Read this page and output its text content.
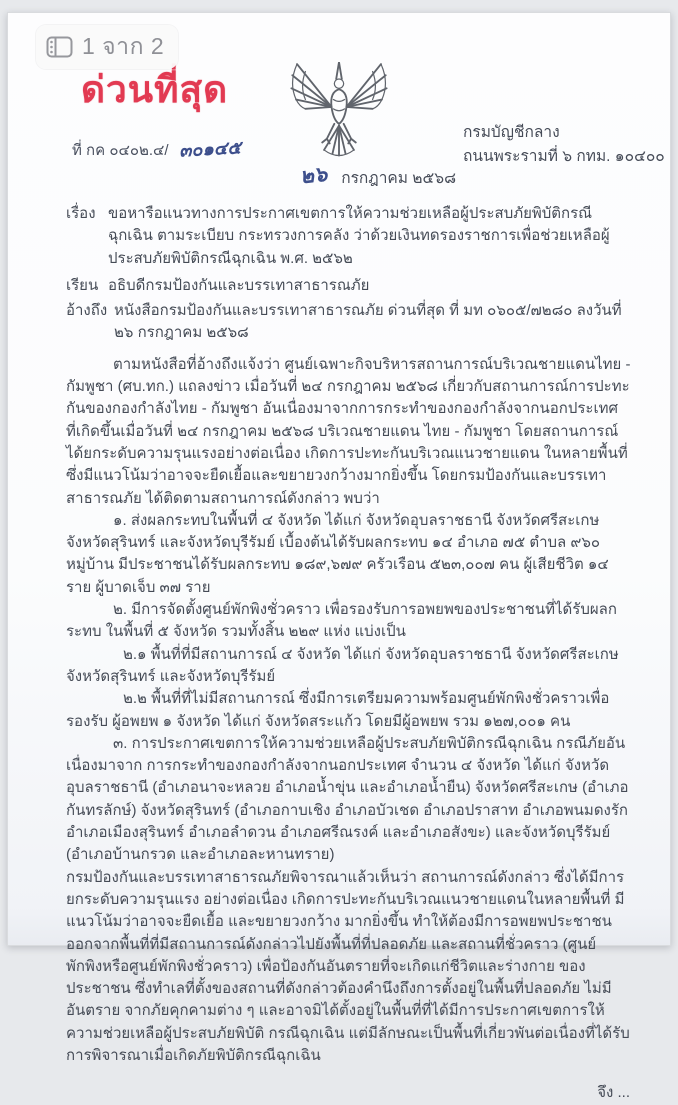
ด่วนที่สุด
ที่ กค ๐๔๐๒.๔/ ๓๐๑๔๕
กรมบัญชีกลาง
ถนนพระรามที่ ๖ กทม. ๑๐๔๐๐
๒๖ กรกฎาคม ๒๕๖๘
เรื่อง ขอหารือแนวทางการประกาศเขตการให้ความช่วยเหลือผู้ประสบภัยพิบัติกรณีฉุกเฉิน ตามระเบียบ กระทรวงการคลัง ว่าด้วยเงินทดรองราชการเพื่อช่วยเหลือผู้ประสบภัยพิบัติกรณีฉุกเฉิน พ.ศ. ๒๕๖๒
เรียน อธิบดีกรมป้องกันและบรรเทาสาธารณภัย
อ้างถึง หนังสือกรมป้องกันและบรรเทาสาธารณภัย ด่วนที่สุด ที่ มท ๐๖๐๕/๗๒๘๐ ลงวันที่ ๒๖ กรกฎาคม ๒๕๖๘

ตามหนังสือที่อ้างถึงแจ้งว่า ศูนย์เฉพาะกิจบริหารสถานการณ์บริเวณชายแดนไทย - กัมพูชา (ศบ.ทก.) แถลงข่าว เมื่อวันที่ ๒๔ กรกฎาคม ๒๕๖๘ เกี่ยวกับสถานการณ์การปะทะกันของกองกำลังไทย - กัมพูชา อันเนื่องมาจากการกระทำของกองกำลังจากนอกประเทศ ที่เกิดขึ้นเมื่อวันที่ ๒๔ กรกฎาคม ๒๕๖๘ บริเวณชายแดน ไทย - กัมพูชา โดยสถานการณ์ได้ยกระดับความรุนแรงอย่างต่อเนื่อง เกิดการปะทะกันบริเวณแนวชายแดน ในหลายพื้นที่ ซึ่งมีแนวโน้มว่าอาจจะยืดเยื้อและขยายวงกว้างมากยิ่งขึ้น โดยกรมป้องกันและบรรเทาสาธารณภัย ได้ติดตามสถานการณ์ดังกล่าว พบว่า

๑. ส่งผลกระทบในพื้นที่ ๔ จังหวัด ได้แก่ จังหวัดอุบลราชธานี จังหวัดศรีสะเกษ จังหวัดสุรินทร์ และจังหวัดบุรีรัมย์ เบื้องต้นได้รับผลกระทบ ๑๔ อำเภอ ๗๕ ตำบล ๙๖๐ หมู่บ้าน มีประชาชนได้รับผลกระทบ ๑๘๙,๖๗๙ ครัวเรือน ๕๒๓,๐๐๗ คน ผู้เสียชีวิต ๑๔ ราย ผู้บาดเจ็บ ๓๗ ราย

๒. มีการจัดตั้งศูนย์พักพิงชั่วคราว เพื่อรองรับการอพยพของประชาชนที่ได้รับผลกระทบ ในพื้นที่ ๕ จังหวัด รวมทั้งสิ้น ๒๒๙ แห่ง แบ่งเป็น

๒.๑ พื้นที่ที่มีสถานการณ์ ๔ จังหวัด ได้แก่ จังหวัดอุบลราชธานี จังหวัดศรีสะเกษ จังหวัดสุรินทร์ และจังหวัดบุรีรัมย์

๒.๒ พื้นที่ที่ไม่มีสถานการณ์ ซึ่งมีการเตรียมความพร้อมศูนย์พักพิงชั่วคราวเพื่อรองรับ ผู้อพยพ ๑ จังหวัด ได้แก่ จังหวัดสระแก้ว โดยมีผู้อพยพ รวม ๑๒๗,๐๐๑ คน

๓. การประกาศเขตการให้ความช่วยเหลือผู้ประสบภัยพิบัติกรณีฉุกเฉิน กรณีภัยอันเนื่องมาจาก การกระทำของกองกำลังจากนอกประเทศ จำนวน ๔ จังหวัด ได้แก่ จังหวัดอุบลราชธานี (อำเภอนาจะหลวย อำเภอน้ำขุ่น และอำเภอน้ำยืน) จังหวัดศรีสะเกษ (อำเภอกันทรลักษ์) จังหวัดสุรินทร์ (อำเภอกาบเชิง อำเภอบัวเชด อำเภอปราสาท อำเภอพนมดงรัก อำเภอเมืองสุรินทร์ อำเภอลำดวน อำเภอศรีณรงค์ และอำเภอสังขะ) และจังหวัดบุรีรัมย์ (อำเภอบ้านกรวด และอำเภอละหานทราย)

กรมป้องกันและบรรเทาสาธารณภัยพิจารณาแล้วเห็นว่า สถานการณ์ดังกล่าว ซึ่งได้มีการยกระดับความรุนแรง อย่างต่อเนื่อง เกิดการปะทะกันบริเวณแนวชายแดนในหลายพื้นที่ มีแนวโน้มว่าอาจจะยืดเยื้อ และขยายวงกว้าง มากยิ่งขึ้น ทำให้ต้องมีการอพยพประชาชนออกจากพื้นที่ที่มีสถานการณ์ดังกล่าวไปยังพื้นที่ที่ปลอดภัย และสถานที่ชั่วคราว (ศูนย์พักพิงหรือศูนย์พักพิงชั่วคราว) เพื่อป้องกันอันตรายที่จะเกิดแก่ชีวิตและร่างกาย ของประชาชน ซึ่งทำเลที่ตั้งของสถานที่ดังกล่าวต้องคำนึงถึงการตั้งอยู่ในพื้นที่ปลอดภัย ไม่มีอันตราย จากภัยคุกคามต่าง ๆ และอาจมิได้ตั้งอยู่ในพื้นที่ที่ได้มีการประกาศเขตการให้ความช่วยเหลือผู้ประสบภัยพิบัติ กรณีฉุกเฉิน แต่มีลักษณะเป็นพื้นที่เกี่ยวพันต่อเนื่องที่ได้รับการพิจารณาเมื่อเกิดภัยพิบัติกรณีฉุกเฉิน

จึง ...
1 จาก 2
